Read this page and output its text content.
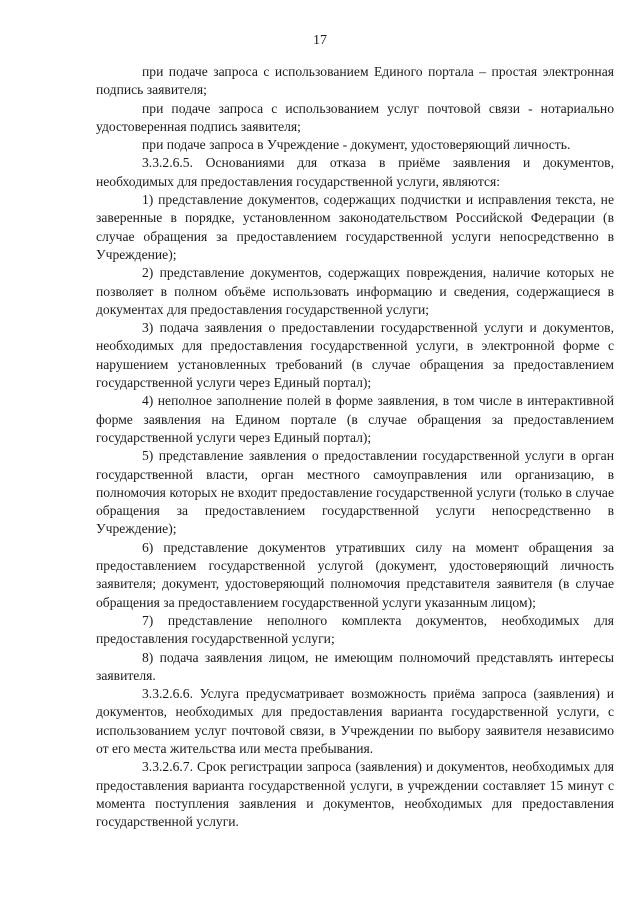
17

при подаче запроса с использованием Единого портала – простая электронная подпись заявителя;

при подаче запроса с использованием услуг почтовой связи - нотариально удостоверенная подпись заявителя;

при подаче запроса в Учреждение - документ, удостоверяющий личность.

3.3.2.6.5. Основаниями для отказа в приёме заявления и документов, необходимых для предоставления государственной услуги, являются:

1) представление документов, содержащих подчистки и исправления текста, не заверенные в порядке, установленном законодательством Российской Федерации (в случае обращения за предоставлением государственной услуги непосредственно в Учреждение);

2) представление документов, содержащих повреждения, наличие которых не позволяет в полном объёме использовать информацию и сведения, содержащиеся в документах для предоставления государственной услуги;

3) подача заявления о предоставлении государственной услуги и документов, необходимых для предоставления государственной услуги, в электронной форме с нарушением установленных требований (в случае обращения за предоставлением государственной услуги через Единый портал);

4) неполное заполнение полей в форме заявления, в том числе в интерактивной форме заявления на Едином портале (в случае обращения за предоставлением государственной услуги через Единый портал);

5) представление заявления о предоставлении государственной услуги в орган государственной власти, орган местного самоуправления или организацию, в полномочия которых не входит предоставление государственной услуги (только в случае обращения за предоставлением государственной услуги непосредственно в Учреждение);

6) представление документов утративших силу на момент обращения за предоставлением государственной услугой (документ, удостоверяющий личность заявителя; документ, удостоверяющий полномочия представителя заявителя (в случае обращения за предоставлением государственной услуги указанным лицом);

7) представление неполного комплекта документов, необходимых для предоставления государственной услуги;

8) подача заявления лицом, не имеющим полномочий представлять интересы заявителя.

3.3.2.6.6. Услуга предусматривает возможность приёма запроса (заявления) и документов, необходимых для предоставления варианта государственной услуги, с использованием услуг почтовой связи, в Учреждении по выбору заявителя независимо от его места жительства или места пребывания.

3.3.2.6.7. Срок регистрации запроса (заявления) и документов, необходимых для предоставления варианта государственной услуги, в учреждении составляет 15 минут с момента поступления заявления и документов, необходимых для предоставления государственной услуги.
